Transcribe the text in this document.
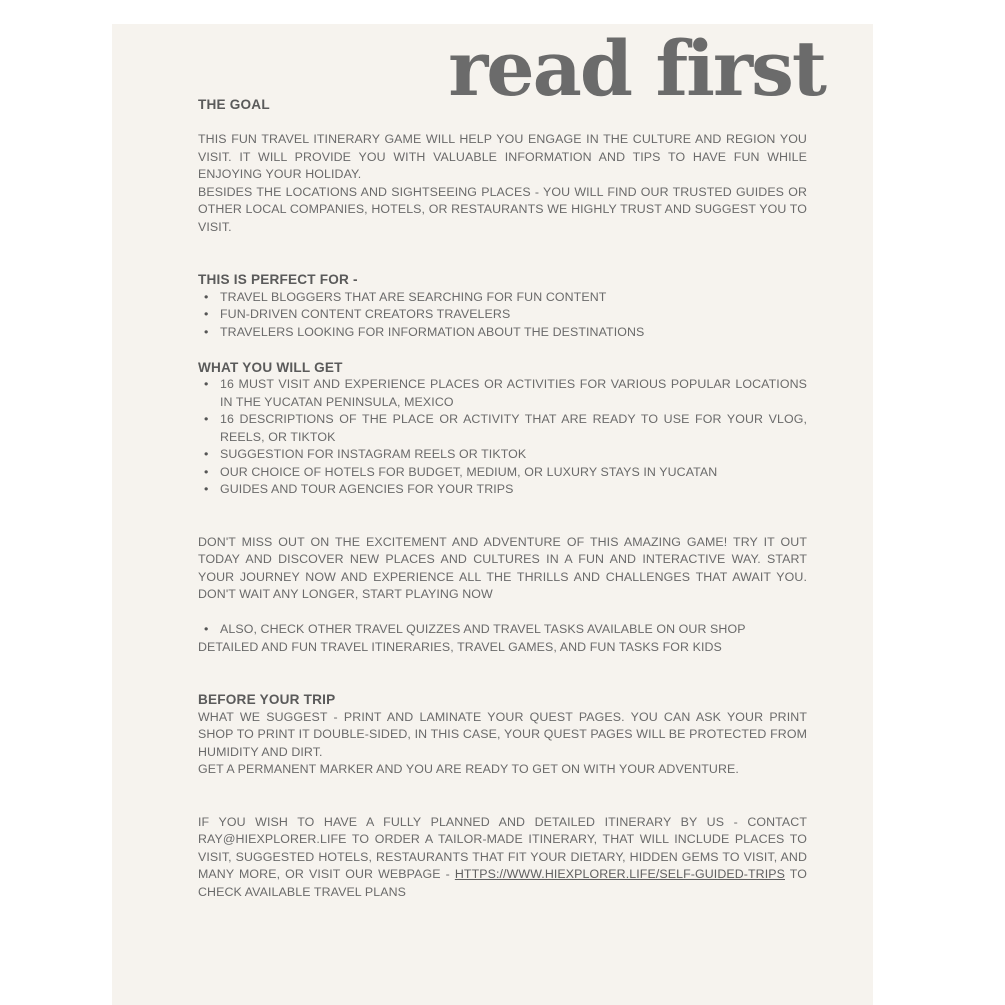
read first

THE GOAL

THIS FUN TRAVEL ITINERARY GAME WILL HELP YOU ENGAGE IN THE CULTURE AND REGION YOU VISIT. IT WILL PROVIDE YOU WITH VALUABLE INFORMATION AND TIPS TO HAVE FUN WHILE ENJOYING YOUR HOLIDAY.

BESIDES THE LOCATIONS AND SIGHTSEEING PLACES - YOU WILL FIND OUR TRUSTED GUIDES OR OTHER LOCAL COMPANIES, HOTELS, OR RESTAURANTS WE HIGHLY TRUST AND SUGGEST YOU TO VISIT.

THIS IS PERFECT FOR -

• TRAVEL BLOGGERS THAT ARE SEARCHING FOR FUN CONTENT
• FUN-DRIVEN CONTENT CREATORS TRAVELERS
• TRAVELERS LOOKING FOR INFORMATION ABOUT THE DESTINATIONS

WHAT YOU WILL GET

• 16 MUST VISIT AND EXPERIENCE PLACES OR ACTIVITIES FOR VARIOUS POPULAR LOCATIONS IN THE YUCATAN PENINSULA, MEXICO
• 16 DESCRIPTIONS OF THE PLACE OR ACTIVITY THAT ARE READY TO USE FOR YOUR VLOG, REELS, OR TIKTOK
• SUGGESTION FOR INSTAGRAM REELS OR TIKTOK
• OUR CHOICE OF HOTELS FOR BUDGET, MEDIUM, OR LUXURY STAYS IN YUCATAN
• GUIDES AND TOUR AGENCIES FOR YOUR TRIPS

DON'T MISS OUT ON THE EXCITEMENT AND ADVENTURE OF THIS AMAZING GAME! TRY IT OUT TODAY AND DISCOVER NEW PLACES AND CULTURES IN A FUN AND INTERACTIVE WAY. START YOUR JOURNEY NOW AND EXPERIENCE ALL THE THRILLS AND CHALLENGES THAT AWAIT YOU. DON'T WAIT ANY LONGER, START PLAYING NOW

• ALSO, CHECK OTHER TRAVEL QUIZZES AND TRAVEL TASKS AVAILABLE ON OUR SHOP

DETAILED AND FUN TRAVEL ITINERARIES, TRAVEL GAMES, AND FUN TASKS FOR KIDS

BEFORE YOUR TRIP

WHAT WE SUGGEST - PRINT AND LAMINATE YOUR QUEST PAGES. YOU CAN ASK YOUR PRINT SHOP TO PRINT IT DOUBLE-SIDED, IN THIS CASE, YOUR QUEST PAGES WILL BE PROTECTED FROM HUMIDITY AND DIRT.

GET A PERMANENT MARKER AND YOU ARE READY TO GET ON WITH YOUR ADVENTURE.

IF YOU WISH TO HAVE A FULLY PLANNED AND DETAILED ITINERARY BY US - CONTACT RAY@HIEXPLORER.LIFE TO ORDER A TAILOR-MADE ITINERARY, THAT WILL INCLUDE PLACES TO VISIT, SUGGESTED HOTELS, RESTAURANTS THAT FIT YOUR DIETARY, HIDDEN GEMS TO VISIT, AND MANY MORE, OR VISIT OUR WEBPAGE - HTTPS://WWW.HIEXPLORER.LIFE/SELF-GUIDED-TRIPS TO CHECK AVAILABLE TRAVEL PLANS
